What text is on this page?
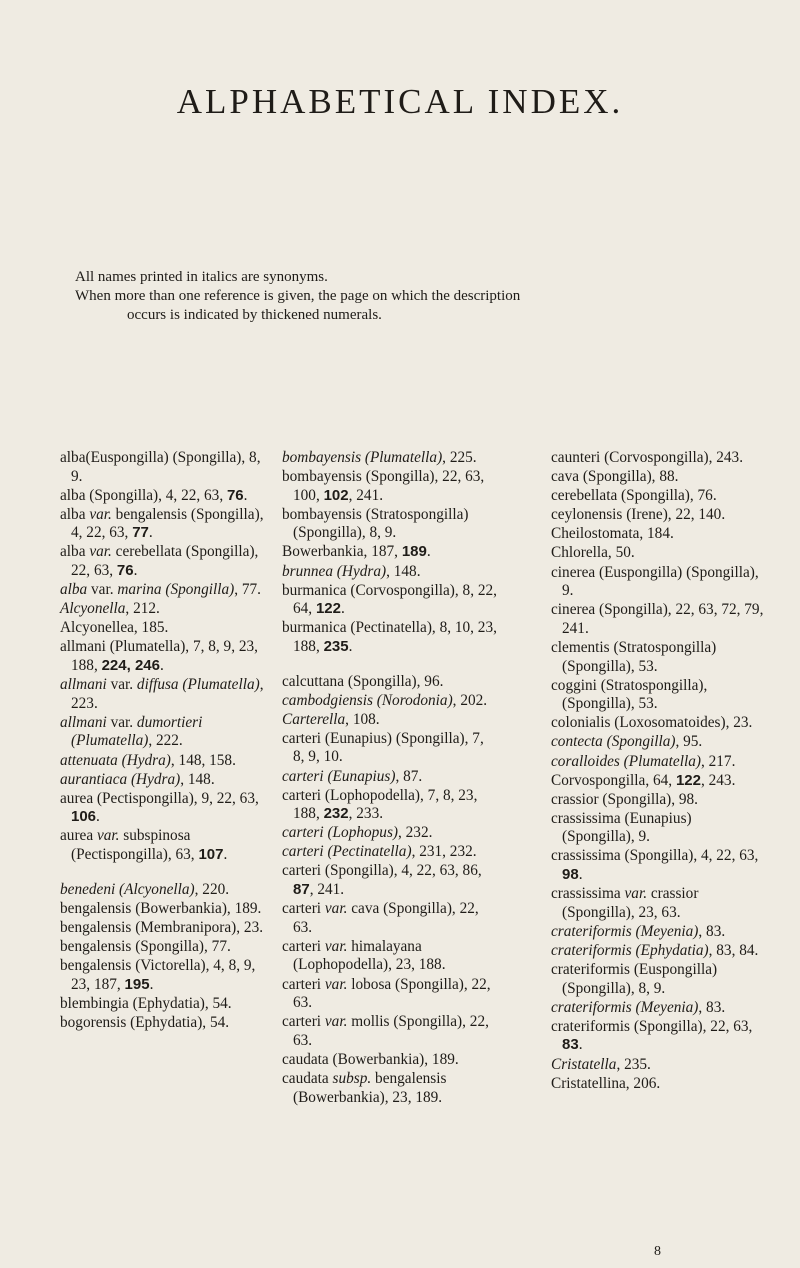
ALPHABETICAL INDEX.

All names printed in italics are synonyms.

When more than one reference is given, the page on which the description

occurs is indicated by thickened numerals.

alba(Euspongilla) (Spongilla), 8, 9.

alba (Spongilla), 4, 22, 63, 76.

alba var. bengalensis (Spongilla), 4, 22, 63, 77.

alba var. cerebellata (Spongilla), 22, 63, 76.

alba var. marina (Spongilla), 77.

Alcyonella, 212.

Alcyonellea, 185.

allmani (Plumatella), 7, 8, 9, 23, 188, 224, 246.

allmani var. diffusa (Plumatella), 223.

allmani var. dumortieri (Plumatella), 222.

attenuata (Hydra), 148, 158.

aurantiaca (Hydra), 148.

aurea (Pectispongilla), 9, 22, 63, 106.

aurea var. subspinosa (Pectispongilla), 63, 107.

benedeni (Alcyonella), 220.

bengalensis (Bowerbankia), 189.

bengalensis (Membranipora), 23.

bengalensis (Spongilla), 77.

bengalensis (Victorella), 4, 8, 9, 23, 187, 195.

blembingia (Ephydatia), 54.

bogorensis (Ephydatia), 54.

bombayensis (Plumatella), 225.

bombayensis (Spongilla), 22, 63, 100, 102, 241.

bombayensis (Stratospongilla) (Spongilla), 8, 9.

Bowerbankia, 187, 189.

brunnea (Hydra), 148.

burmanica (Corvospongilla), 8, 22, 64, 122.

burmanica (Pectinatella), 8, 10, 23, 188, 235.

calcuttana (Spongilla), 96.

cambodgiensis (Norodonia), 202.

Carterella, 108.

carteri (Eunapius) (Spongilla), 7, 8, 9, 10.

carteri (Eunapius), 87.

carteri (Lophopodella), 7, 8, 23, 188, 232, 233.

carteri (Lophopus), 232.

carteri (Pectinatella), 231, 232.

carteri (Spongilla), 4, 22, 63, 86, 87, 241.

carteri var. cava (Spongilla), 22, 63.

carteri var. himalayana (Lophopodella), 23, 188.

carteri var. lobosa (Spongilla), 22, 63.

carteri var. mollis (Spongilla), 22, 63.

caudata (Bowerbankia), 189.

caudata subsp. bengalensis (Bowerbankia), 23, 189.

caunteri (Corvospongilla), 243.

cava (Spongilla), 88.

cerebellata (Spongilla), 76.

ceylonensis (Irene), 22, 140.

Cheilostomata, 184.

Chlorella, 50.

cinerea (Euspongilla) (Spongilla), 9.

cinerea (Spongilla), 22, 63, 72, 79, 241.

clementis (Stratospongilla) (Spongilla), 53.

coggini (Stratospongilla), (Spongilla), 53.

colonialis (Loxosomatoides), 23.

contecta (Spongilla), 95.

coralloides (Plumatella), 217.

Corvospongilla, 64, 122, 243.

crassior (Spongilla), 98.

crassissima (Eunapius) (Spongilla), 9.

crassissima (Spongilla), 4, 22, 63, 98.

crassissima var. crassior (Spongilla), 23, 63.

crateriformis (Meyenia), 83.

crateriformis (Ephydatia), 83, 84.

crateriformis (Euspongilla) (Spongilla), 8, 9.

crateriformis (Meyenia), 83.

crateriformis (Spongilla), 22, 63, 83.

Cristatella, 235.

Cristatellina, 206.

8
